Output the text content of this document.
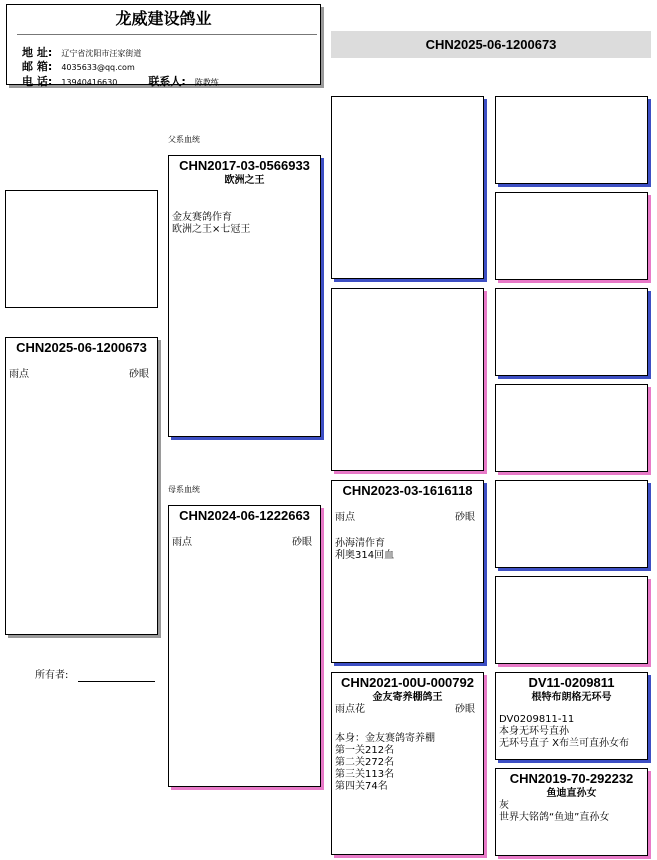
龙威建设鸽业
地 址: 辽宁省沈阳市汪家街道
邮 箱: 4035633@qq.com
电 话: 13940416630	联系人: 陈教练
CHN2025-06-1200673
CHN2025-06-1200673
雨点	砂眼
所有者:
父系血统
母系血统
CHN2017-03-0566933
欧洲之王
金友赛鸽作育
欧洲之王×七冠王
CHN2024-06-1222663
雨点	砂眼
CHN2023-03-1616118
雨点	砂眼
孙海清作育
利奥314回血
CHN2021-00U-000792
金友寄养棚鸽王
雨点花	砂眼
本身：金友赛鸽寄养棚
第一关212名
第二关272名
第三关113名
第四关74名
DV11-0209811
根特布朗格无环号
DV0209811-11
本身无环号直孙
无环号直子 X布兰可直孙女布
CHN2019-70-292232
鱼迪直孙女
灰
世界大铭鸽“鱼迪”直孙女
